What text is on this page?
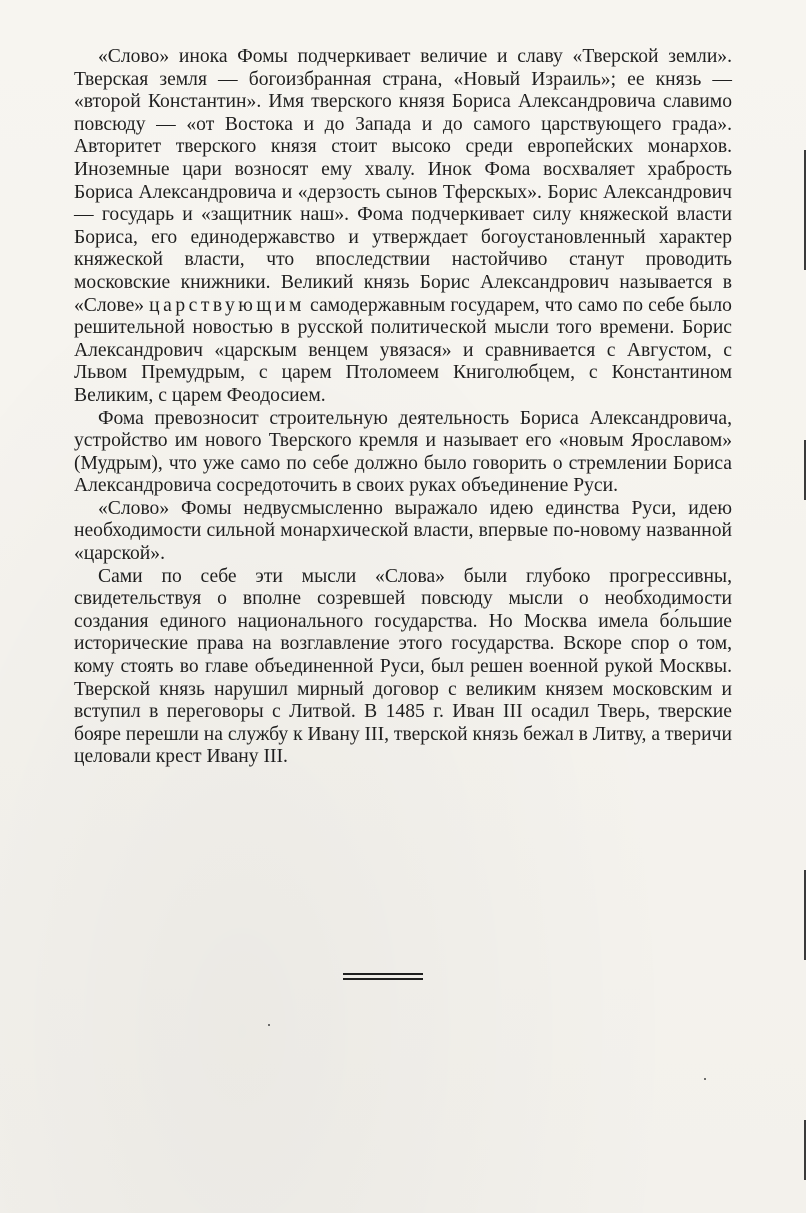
«Слово» инока Фомы подчеркивает величие и славу «Тверской земли». Тверская земля — богоизбранная страна, «Новый Израиль»; ее князь — «второй Константин». Имя тверского князя Бориса Александровича славимо повсюду — «от Востока и до Запада и до самого царствующего града». Авторитет тверского князя стоит высоко среди европейских монархов. Иноземные цари возносят ему хвалу. Инок Фома восхваляет храбрость Бориса Александровича и «дерзость сынов Тферскых». Борис Александрович — государь и «защитник наш». Фома подчеркивает силу княжеской власти Бориса, его единодержавство и утверждает богоустановленный характер княжеской власти, что впоследствии настойчиво станут проводить московские книжники. Великий князь Борис Александрович называется в «Слове» царствующим самодержавным государем, что само по себе было решительной новостью в русской политической мысли того времени. Борис Александрович «царскым венцем увязася» и сравнивается с Августом, с Львом Премудрым, с царем Птоломеем Книголюбцем, с Константином Великим, с царем Феодосием.

Фома превозносит строительную деятельность Бориса Александровича, устройство им нового Тверского кремля и называет его «новым Ярославом» (Мудрым), что уже само по себе должно было говорить о стремлении Бориса Александровича сосредоточить в своих руках объединение Руси.

«Слово» Фомы недвусмысленно выражало идею единства Руси, идею необходимости сильной монархической власти, впервые по-новому названной «царской».

Сами по себе эти мысли «Слова» были глубоко прогрессивны, свидетельствуя о вполне созревшей повсюду мысли о необходимости создания единого национального государства. Но Москва имела бо́льшие исторические права на возглавление этого государства. Вскоре спор о том, кому стоять во главе объединенной Руси, был решен военной рукой Москвы. Тверской князь нарушил мирный договор с великим князем московским и вступил в переговоры с Литвой. В 1485 г. Иван III осадил Тверь, тверские бояре перешли на службу к Ивану III, тверской князь бежал в Литву, а тверичи целовали крест Ивану III.
